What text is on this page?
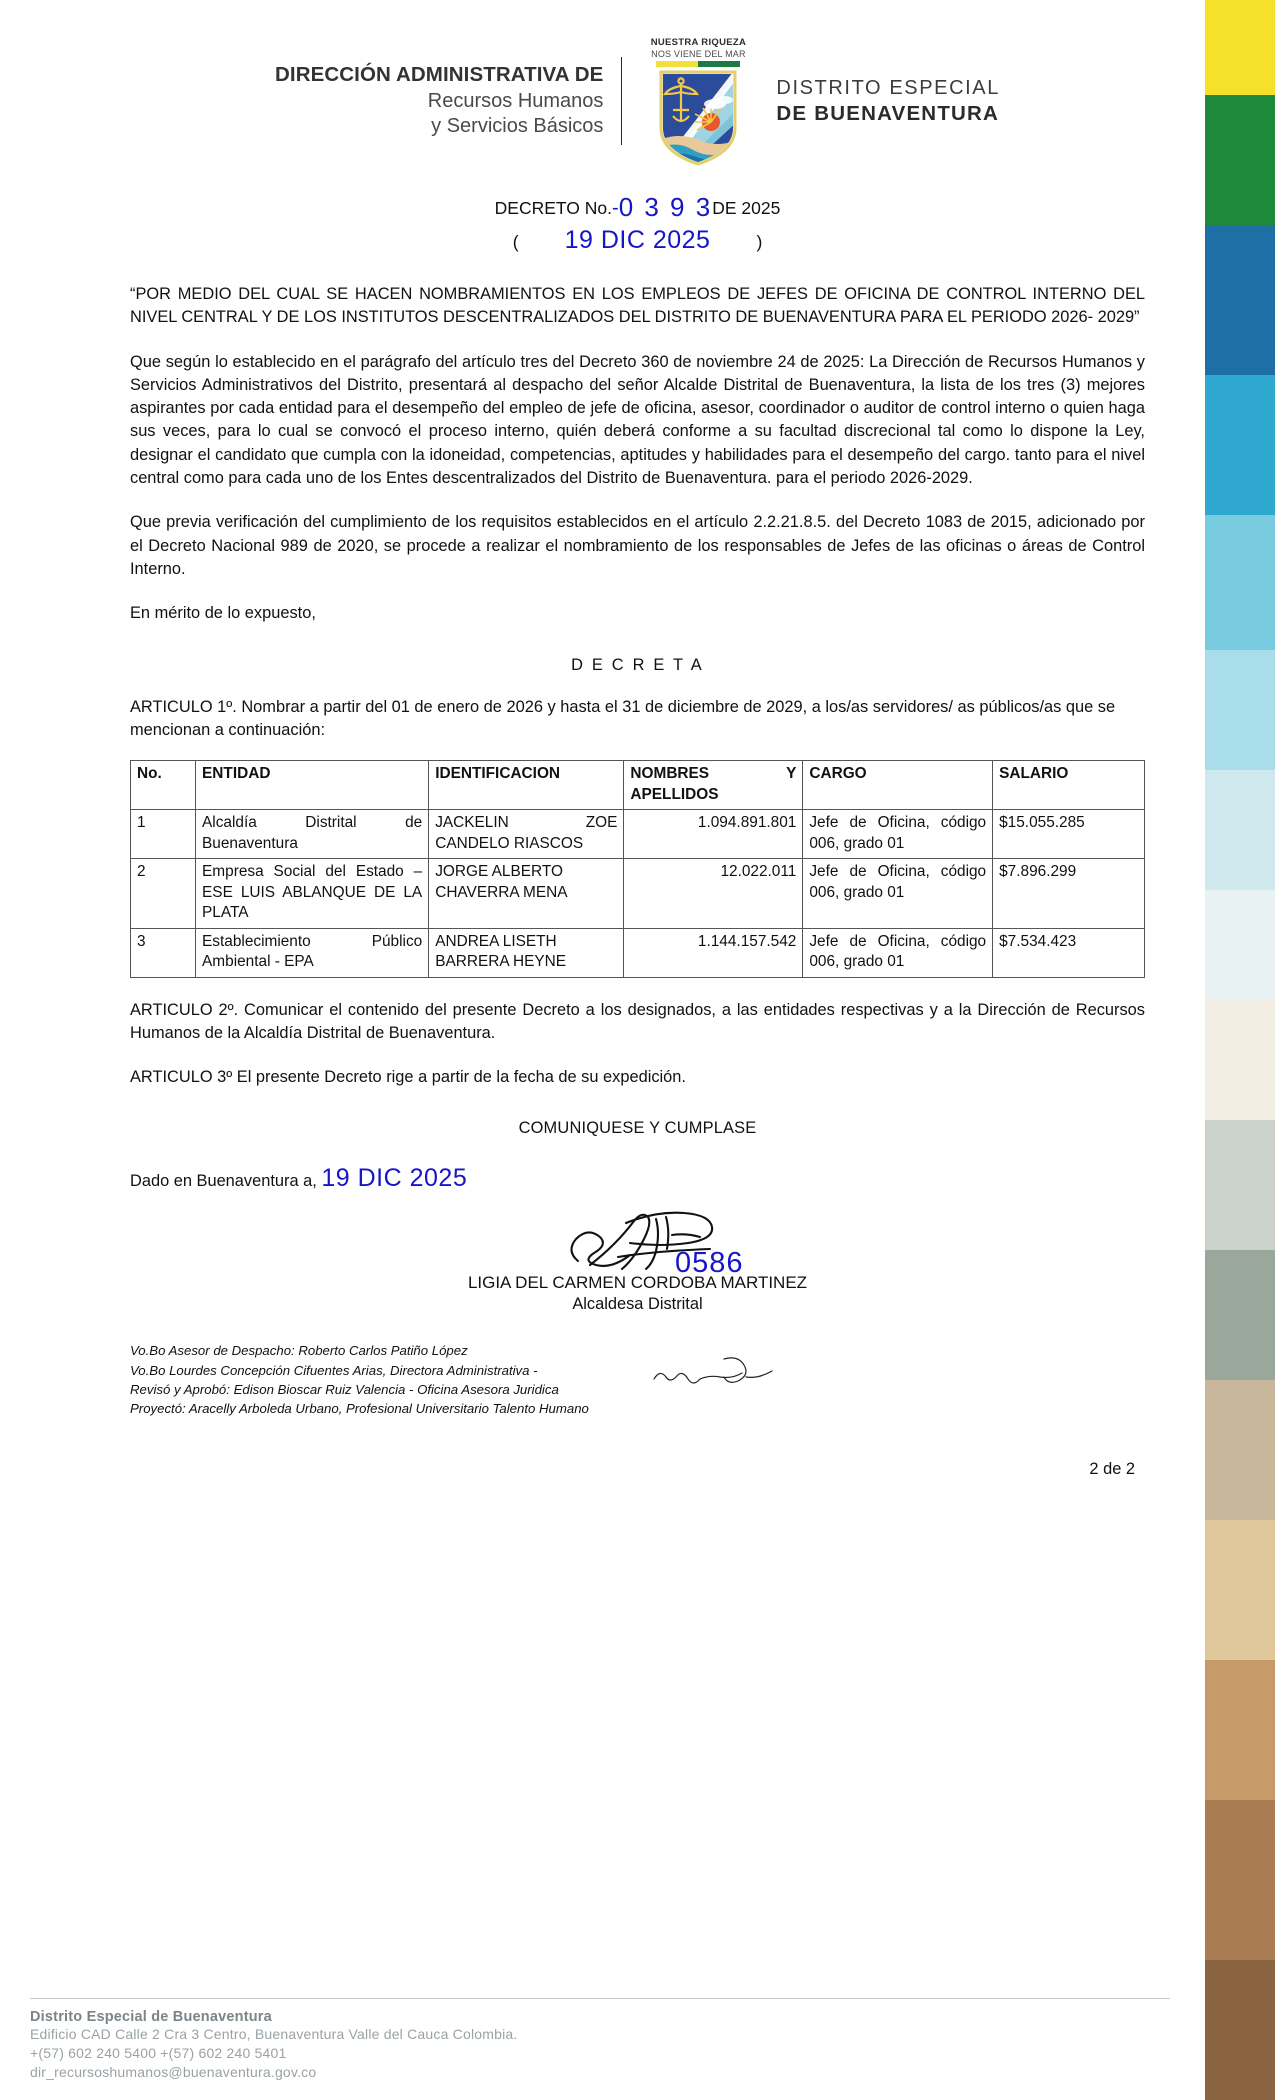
DIRECCIÓN ADMINISTRATIVA DE
Recursos Humanos
y Servicios Básicos
NUESTRA RIQUEZA
NOS VIENE DEL MAR
DISTRITO ESPECIAL
DE BUENAVENTURA
DECRETO No.-0 3 9 3DE 2025
( 19 DIC 2025	)

“POR MEDIO DEL CUAL SE HACEN NOMBRAMIENTOS EN LOS EMPLEOS DE JEFES DE OFICINA DE CONTROL INTERNO DEL NIVEL CENTRAL Y DE LOS INSTITUTOS DESCENTRALIZADOS DEL DISTRITO DE BUENAVENTURA PARA EL PERIODO 2026- 2029”

Que según lo establecido en el parágrafo del artículo tres del Decreto 360 de noviembre 24 de 2025: La Dirección de Recursos Humanos y Servicios Administrativos del Distrito, presentará al despacho del señor Alcalde Distrital de Buenaventura, la lista de los tres (3) mejores aspirantes por cada entidad para el desempeño del empleo de jefe de oficina, asesor, coordinador o auditor de control interno o quien haga sus veces, para lo cual se convocó el proceso interno, quién deberá conforme a su facultad discrecional tal como lo dispone la Ley, designar el candidato que cumpla con la idoneidad, competencias, aptitudes y habilidades para el desempeño del cargo. tanto para el nivel central como para cada uno de los Entes descentralizados del Distrito de Buenaventura. para el periodo 2026-2029.

Que previa verificación del cumplimiento de los requisitos establecidos en el artículo 2.2.21.8.5. del Decreto 1083 de 2015, adicionado por el Decreto Nacional 989 de 2020, se procede a realizar el nombramiento de los responsables de Jefes de las oficinas o áreas de Control Interno.

En mérito de lo expuesto,

D E C R E T A

ARTICULO 1º. Nombrar a partir del 01 de enero de 2026 y hasta el 31 de diciembre de 2029, a los/as servidores/ as públicos/as que se mencionan a continuación:

No.	ENTIDAD	IDENTIFICACION	NOMBRES Y APELLIDOS	CARGO	SALARIO
1	Alcaldía Distrital de Buenaventura	JACKELIN ZOE CANDELO RIASCOS	1.094.891.801	Jefe de Oficina, código 006, grado 01	$15.055.285
2	Empresa Social del Estado – ESE LUIS ABLANQUE DE LA PLATA	JORGE ALBERTO CHAVERRA MENA	12.022.011	Jefe de Oficina, código 006, grado 01	$7.896.299
3	Establecimiento Público Ambiental - EPA	ANDREA LISETH BARRERA HEYNE	1.144.157.542	Jefe de Oficina, código 006, grado 01	$7.534.423

ARTICULO 2º. Comunicar el contenido del presente Decreto a los designados, a las entidades respectivas y a la Dirección de Recursos Humanos de la Alcaldía Distrital de Buenaventura.

ARTICULO 3º El presente Decreto rige a partir de la fecha de su expedición.

COMUNIQUESE Y CUMPLASE
Dado en Buenaventura a, 19 DIC 2025
0586
LIGIA DEL CARMEN CORDOBA MARTINEZ
Alcaldesa Distrital
Vo.Bo Asesor de Despacho: Roberto Carlos Patiño López
Vo.Bo Lourdes Concepción Cifuentes Arias, Directora Administrativa -
Revisó y Aprobó: Edison Bioscar Ruiz Valencia - Oficina Asesora Juridica
Proyectó: Aracelly Arboleda Urbano, Profesional Universitario Talento Humano
2 de 2
Distrito Especial de Buenaventura
Edificio CAD Calle 2 Cra 3 Centro, Buenaventura Valle del Cauca Colombia.
+(57) 602 240 5400 +(57) 602 240 5401
dir_recursoshumanos@buenaventura.gov.co
